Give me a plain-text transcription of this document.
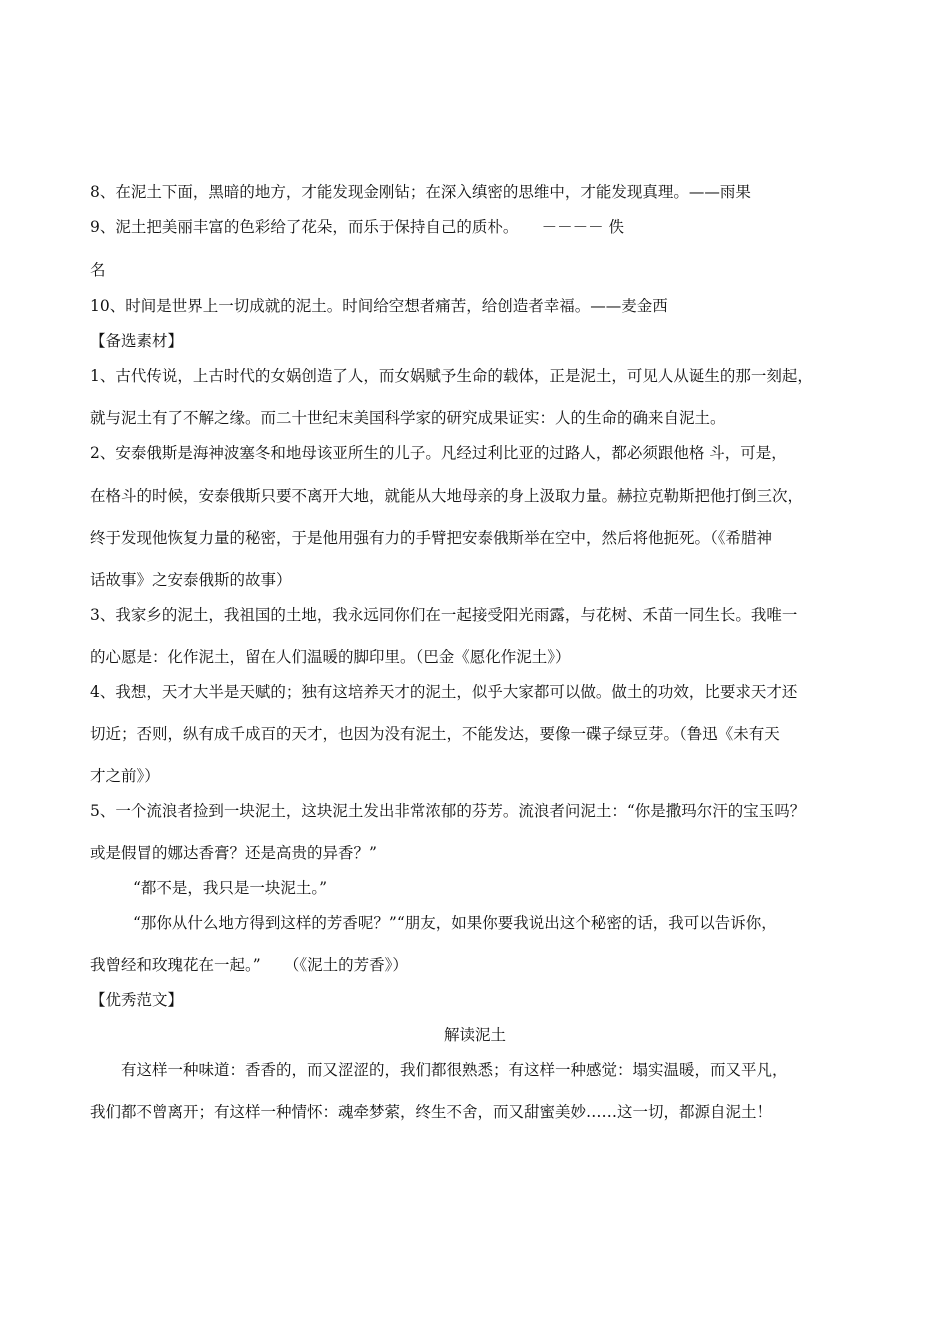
8、在泥土下面，黑暗的地方，才能发现金刚钻；在深入缜密的思维中，才能发现真理。——雨果
9、泥土把美丽丰富的色彩给了花朵，而乐于保持自己的质朴。　　－－－－ 佚
名
10、时间是世界上一切成就的泥土。时间给空想者痛苦，给创造者幸福。——麦金西
【备选素材】
1、古代传说，上古时代的女娲创造了人，而女娲赋予生命的载体，正是泥土，可见人从诞生的那一刻起，
就与泥土有了不解之缘。而二十世纪末美国科学家的研究成果证实：人的生命的确来自泥土。
2、安泰俄斯是海神波塞冬和地母该亚所生的儿子。凡经过利比亚的过路人，都必须跟他格 斗，可是，
在格斗的时候，安泰俄斯只要不离开大地，就能从大地母亲的身上汲取力量。赫拉克勒斯把他打倒三次，
终于发现他恢复力量的秘密，于是他用强有力的手臂把安泰俄斯举在空中，然后将他扼死。（《希腊神
话故事》之安泰俄斯的故事）
3、我家乡的泥土，我祖国的土地，我永远同你们在一起接受阳光雨露，与花树、禾苗一同生长。我唯一
的心愿是：化作泥土，留在人们温暖的脚印里。（巴金《愿化作泥土》）
4、我想，天才大半是天赋的；独有这培养天才的泥土，似乎大家都可以做。做土的功效，比要求天才还
切近；否则，纵有成千成百的天才，也因为没有泥土，不能发达，要像一碟子绿豆芽。（鲁迅《未有天
才之前》）
5、一个流浪者捡到一块泥土，这块泥土发出非常浓郁的芬芳。流浪者问泥土：“你是撒玛尔汗的宝玉吗？
或是假冒的娜达香膏？还是高贵的异香？”
“都不是，我只是一块泥土。”
“那你从什么地方得到这样的芳香呢？”“朋友，如果你要我说出这个秘密的话，我可以告诉你，
我曾经和玫瑰花在一起。”　　（《泥土的芳香》）
【优秀范文】
解读泥土
有这样一种味道：香香的，而又涩涩的，我们都很熟悉；有这样一种感觉：塌实温暖，而又平凡，
我们都不曾离开；有这样一种情怀：魂牵梦萦，终生不舍，而又甜蜜美妙……这一切，都源自泥土！
